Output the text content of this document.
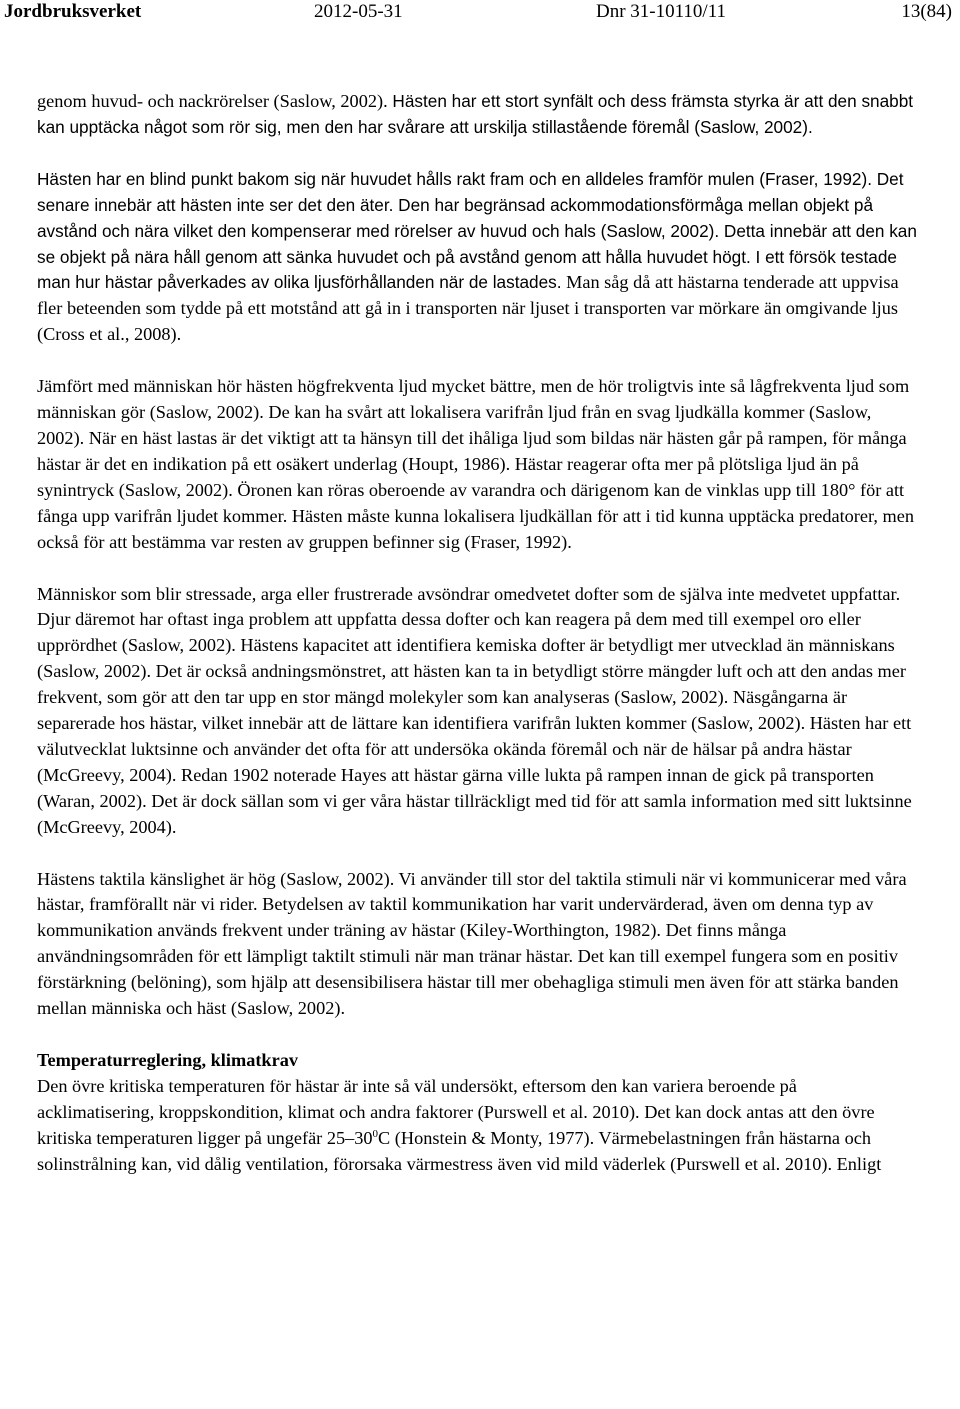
Jordbruksverket	2012-05-31	Dnr 31-10110/11	13(84)

genom huvud- och nackrörelser (Saslow, 2002). Hästen har ett stort synfält och dess främsta styrka är att den snabbt kan upptäcka något som rör sig, men den har svårare att urskilja stillastående föremål (Saslow, 2002).

Hästen har en blind punkt bakom sig när huvudet hålls rakt fram och en alldeles framför mulen (Fraser, 1992). Det senare innebär att hästen inte ser det den äter. Den har begränsad ackommodationsförmåga mellan objekt på avstånd och nära vilket den kompenserar med rörelser av huvud och hals (Saslow, 2002). Detta innebär att den kan se objekt på nära håll genom att sänka huvudet och på avstånd genom att hålla huvudet högt. I ett försök testade man hur hästar påverkades av olika ljusförhållanden när de lastades. Man såg då att hästarna tenderade att uppvisa fler beteenden som tydde på ett motstånd att gå in i transporten när ljuset i transporten var mörkare än omgivande ljus (Cross et al., 2008).

Jämfört med människan hör hästen högfrekventa ljud mycket bättre, men de hör troligtvis inte så lågfrekventa ljud som människan gör (Saslow, 2002). De kan ha svårt att lokalisera varifrån ljud från en svag ljudkälla kommer (Saslow, 2002). När en häst lastas är det viktigt att ta hänsyn till det ihåliga ljud som bildas när hästen går på rampen, för många hästar är det en indikation på ett osäkert underlag (Houpt, 1986). Hästar reagerar ofta mer på plötsliga ljud än på synintryck (Saslow, 2002). Öronen kan röras oberoende av varandra och därigenom kan de vinklas upp till 180° för att fånga upp varifrån ljudet kommer. Hästen måste kunna lokalisera ljudkällan för att i tid kunna upptäcka predatorer, men också för att bestämma var resten av gruppen befinner sig (Fraser, 1992).

Människor som blir stressade, arga eller frustrerade avsöndrar omedvetet dofter som de själva inte medvetet uppfattar. Djur däremot har oftast inga problem att uppfatta dessa dofter och kan reagera på dem med till exempel oro eller upprördhet (Saslow, 2002). Hästens kapacitet att identifiera kemiska dofter är betydligt mer utvecklad än människans (Saslow, 2002). Det är också andningsmönstret, att hästen kan ta in betydligt större mängder luft och att den andas mer frekvent, som gör att den tar upp en stor mängd molekyler som kan analyseras (Saslow, 2002). Näsgångarna är separerade hos hästar, vilket innebär att de lättare kan identifiera varifrån lukten kommer (Saslow, 2002). Hästen har ett välutvecklat luktsinne och använder det ofta för att undersöka okända föremål och när de hälsar på andra hästar (McGreevy, 2004). Redan 1902 noterade Hayes att hästar gärna ville lukta på rampen innan de gick på transporten (Waran, 2002). Det är dock sällan som vi ger våra hästar tillräckligt med tid för att samla information med sitt luktsinne (McGreevy, 2004).

Hästens taktila känslighet är hög (Saslow, 2002). Vi använder till stor del taktila stimuli när vi kommunicerar med våra hästar, framförallt när vi rider. Betydelsen av taktil kommunikation har varit undervärderad, även om denna typ av kommunikation används frekvent under träning av hästar (Kiley-Worthington, 1982). Det finns många användningsområden för ett lämpligt taktilt stimuli när man tränar hästar. Det kan till exempel fungera som en positiv förstärkning (belöning), som hjälp att desensibilisera hästar till mer obehagliga stimuli men även för att stärka banden mellan människa och häst (Saslow, 2002).

Temperaturreglering, klimatkrav

Den övre kritiska temperaturen för hästar är inte så väl undersökt, eftersom den kan variera beroende på acklimatisering, kroppskondition, klimat och andra faktorer (Purswell et al. 2010). Det kan dock antas att den övre kritiska temperaturen ligger på ungefär $25-30^0C$ (Honstein & Monty, 1977). Värmebelastningen från hästarna och solinstrålning kan, vid dålig ventilation, förorsaka värmestress även vid mild väderlek (Purswell et al. 2010). Enligt
